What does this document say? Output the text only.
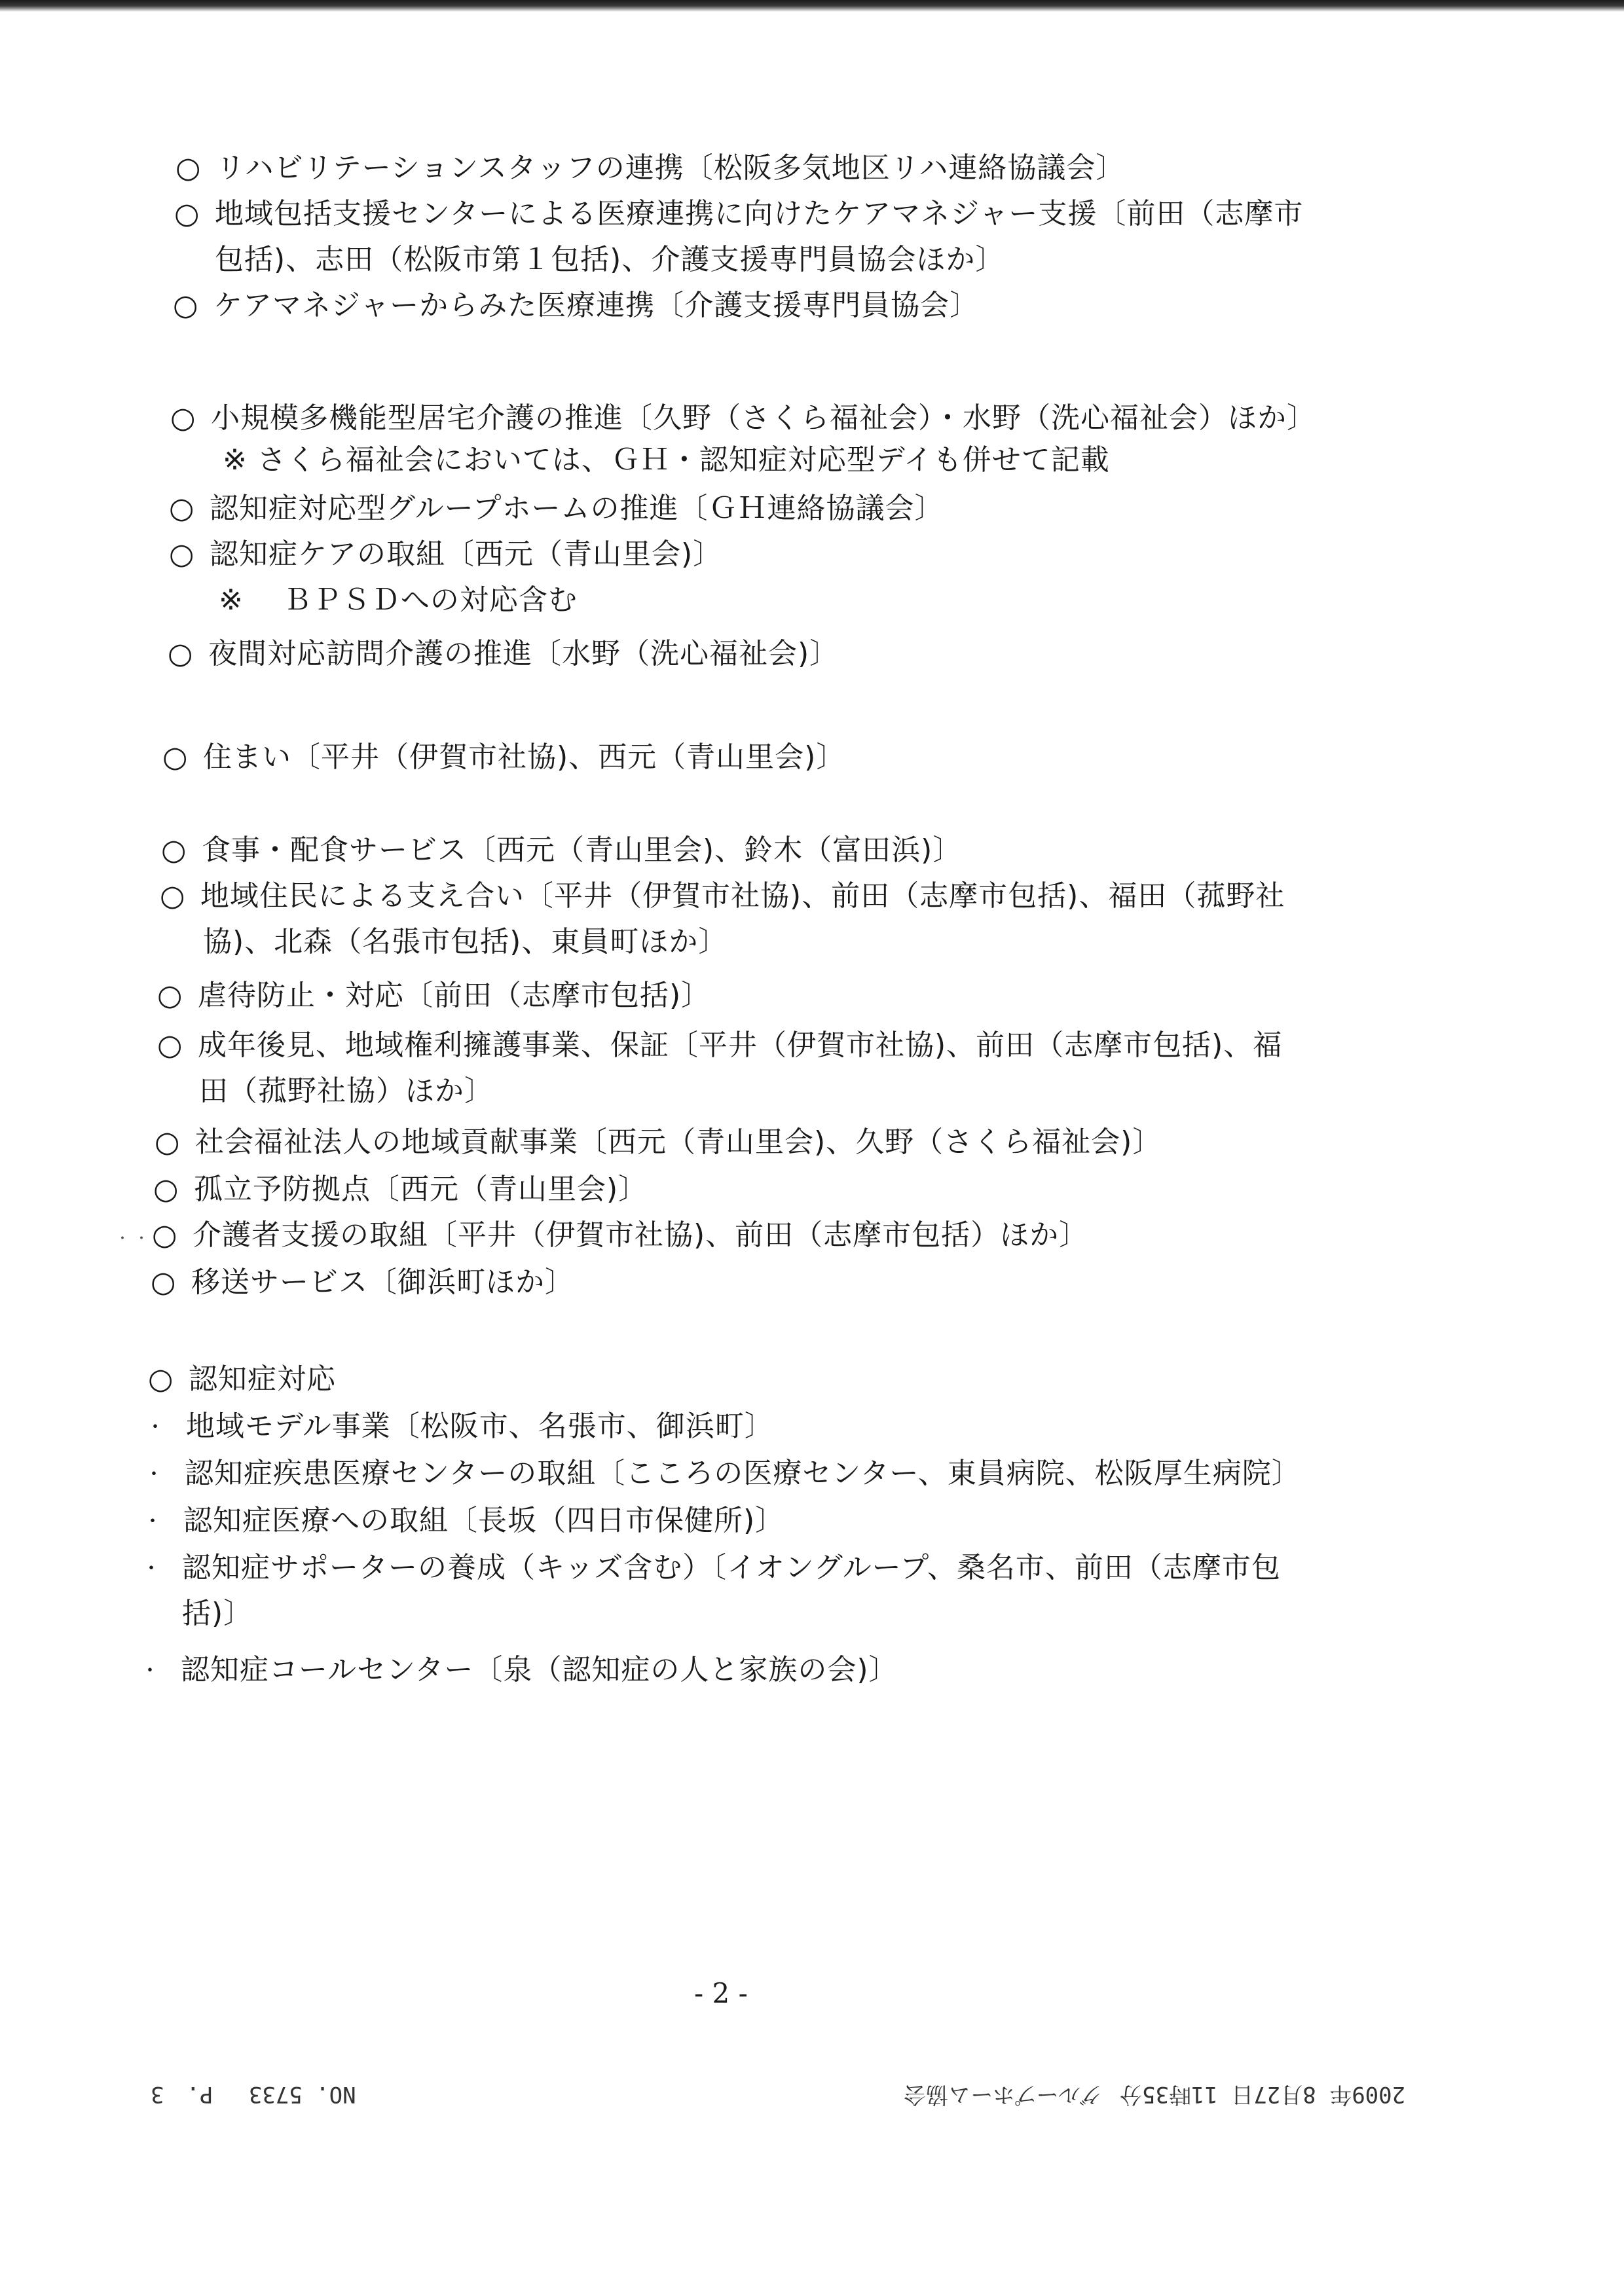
○ リハビリテーションスタッフの連携〔松阪多気地区リハ連絡協議会〕
○ 地域包括支援センターによる医療連携に向けたケアマネジャー支援〔前田（志摩市
包括)、志田（松阪市第１包括)、介護支援専門員協会ほか〕
○ ケアマネジャーからみた医療連携〔介護支援専門員協会〕
○ 小規模多機能型居宅介護の推進〔久野（さくら福祉会）・水野（洗心福祉会）ほか〕
※ さくら福祉会においては、ＧＨ・認知症対応型デイも併せて記載
○ 認知症対応型グループホームの推進〔ＧＨ連絡協議会〕
○ 認知症ケアの取組〔西元（青山里会)〕
※　 ＢＰＳＤへの対応含む
○ 夜間対応訪問介護の推進〔水野（洗心福祉会)〕
○ 住まい〔平井（伊賀市社協)、西元（青山里会)〕
○ 食事・配食サービス〔西元（青山里会)、鈴木（富田浜)〕
○ 地域住民による支え合い〔平井（伊賀市社協)、前田（志摩市包括)、福田（菰野社
協)、北森（名張市包括)、東員町ほか〕
○ 虐待防止・対応〔前田（志摩市包括)〕
○ 成年後見、地域権利擁護事業、保証〔平井（伊賀市社協)、前田（志摩市包括)、福
田（菰野社協）ほか〕
○ 社会福祉法人の地域貢献事業〔西元（青山里会)、久野（さくら福祉会)〕
○ 孤立予防拠点〔西元（青山里会)〕
○ 介護者支援の取組〔平井（伊賀市社協)、前田（志摩市包括）ほか〕
○ 移送サービス〔御浜町ほか〕
○ 認知症対応
・ 地域モデル事業〔松阪市、名張市、御浜町〕
・ 認知症疾患医療センターの取組〔こころの医療センター、東員病院、松阪厚生病院〕
・ 認知症医療への取組〔長坂（四日市保健所)〕
・ 認知症サポーターの養成（キッズ含む）〔イオングループ、桑名市、前田（志摩市包
括)〕
・ 認知症コールセンター〔泉（認知症の人と家族の会)〕
・ ・
- 2 -
NO. 5733　 P.　3	グループホーム協会 2009年 8月27日 11時35分
